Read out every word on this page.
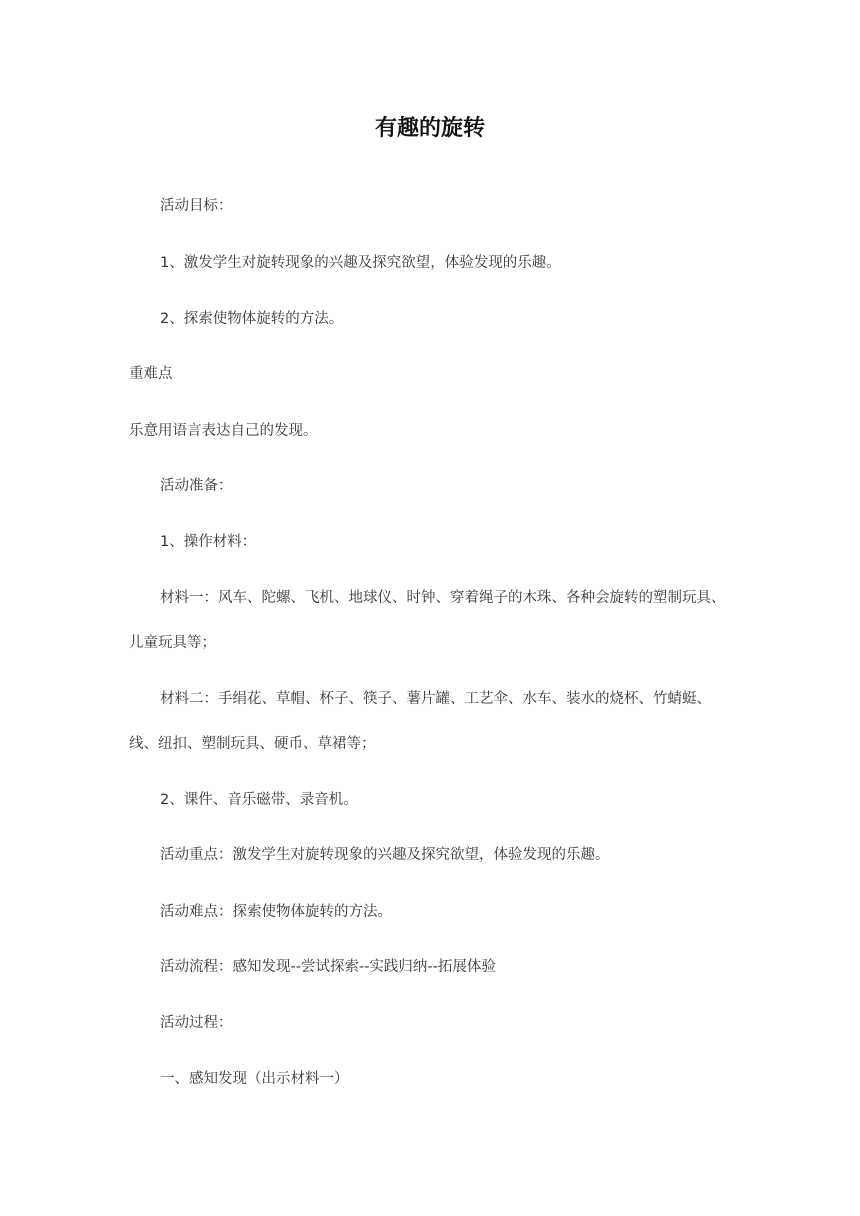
有趣的旋转
活动目标：
1、激发学生对旋转现象的兴趣及探究欲望，体验发现的乐趣。
2、探索使物体旋转的方法。
重难点
乐意用语言表达自己的发现。
活动准备：
1、操作材料：
材料一：风车、陀螺、飞机、地球仪、时钟、穿着绳子的木珠、各种会旋转的塑制玩具、
儿童玩具等；
材料二：手绢花、草帽、杯子、筷子、薯片罐、工艺伞、水车、装水的烧杯、竹蜻蜓、
线、纽扣、塑制玩具、硬币、草裙等；
2、课件、音乐磁带、录音机。
活动重点：激发学生对旋转现象的兴趣及探究欲望，体验发现的乐趣。
活动难点：探索使物体旋转的方法。
活动流程：感知发现--尝试探索--实践归纳--拓展体验
活动过程：
一、感知发现（出示材料一）
